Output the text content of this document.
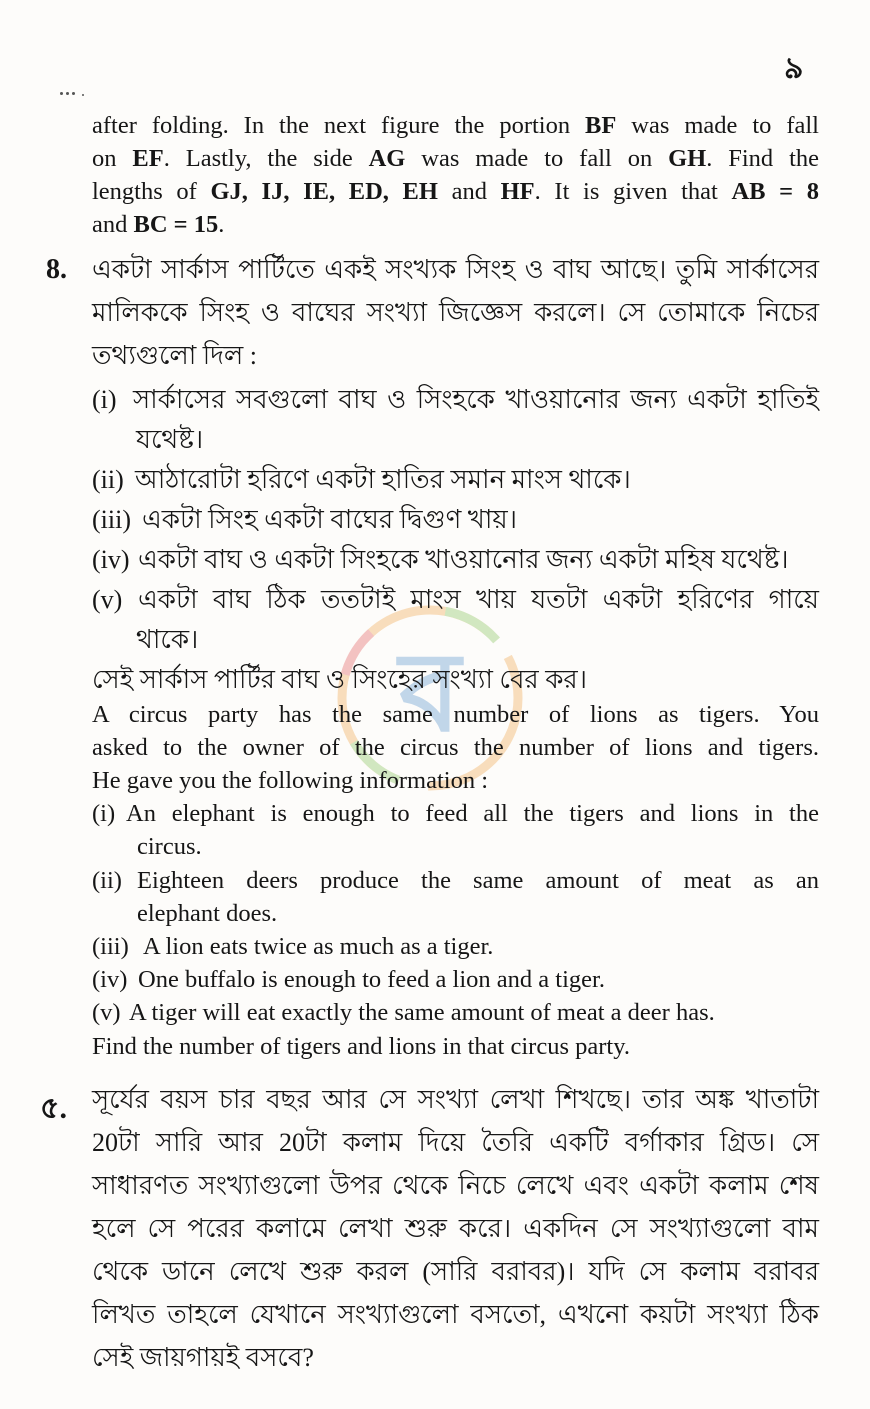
৯
ব
after folding. In the next figure the portion BF was made to fall
on EF. Lastly, the side AG was made to fall on GH. Find the
lengths of GJ, IJ, IE, ED, EH and HF. It is given that AB = 8
and BC = 15.
8. একটা সার্কাস পার্টিতে একই সংখ্যক সিংহ ও বাঘ আছে। তুমি সার্কাসের
মালিককে সিংহ ও বাঘের সংখ্যা জিজ্ঞেস করলে। সে তোমাকে নিচের
তথ্যগুলো দিল :
(i) সার্কাসের সবগুলো বাঘ ও সিংহকে খাওয়ানোর জন্য একটা হাতিই
যথেষ্ট।
(ii) আঠারোটা হরিণে একটা হাতির সমান মাংস থাকে।
(iii) একটা সিংহ একটা বাঘের দ্বিগুণ খায়।
(iv) একটা বাঘ ও একটা সিংহকে খাওয়ানোর জন্য একটা মহিষ যথেষ্ট।
(v) একটা বাঘ ঠিক ততটাই মাংস খায় যতটা একটা হরিণের গায়ে
থাকে।
সেই সার্কাস পার্টির বাঘ ও সিংহের সংখ্যা বের কর।
A circus party has the same number of lions as tigers. You
asked to the owner of the circus the number of lions and tigers.
He gave you the following information :
(i) An elephant is enough to feed all the tigers and lions in the
circus.
(ii) Eighteen deers produce the same amount of meat as an
elephant does.
(iii) A lion eats twice as much as a tiger.
(iv) One buffalo is enough to feed a lion and a tiger.
(v) A tiger will eat exactly the same amount of meat a deer has.
Find the number of tigers and lions in that circus party.
৫. সূর্যের বয়স চার বছর আর সে সংখ্যা লেখা শিখছে। তার অঙ্ক খাতাটা
20টা সারি আর 20টা কলাম দিয়ে তৈরি একটি বর্গাকার গ্রিড। সে
সাধারণত সংখ্যাগুলো উপর থেকে নিচে লেখে এবং একটা কলাম শেষ
হলে সে পরের কলামে লেখা শুরু করে। একদিন সে সংখ্যাগুলো বাম
থেকে ডানে লেখে শুরু করল (সারি বরাবর)। যদি সে কলাম বরাবর
লিখত তাহলে যেখানে সংখ্যাগুলো বসতো, এখনো কয়টা সংখ্যা ঠিক
সেই জায়গায়ই বসবে?
